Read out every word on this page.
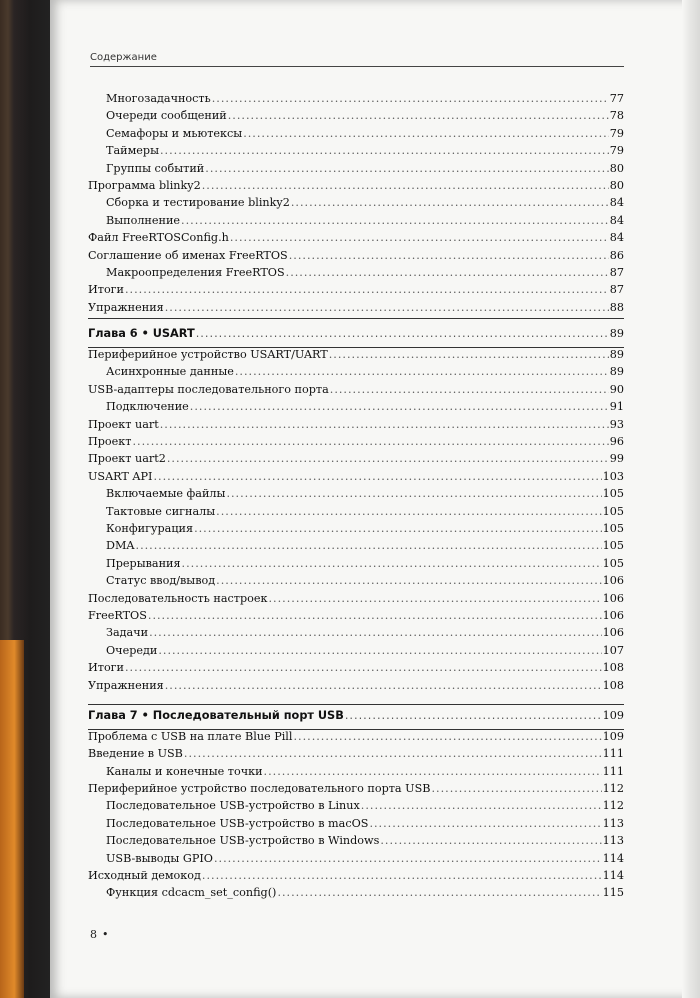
Содержание
Многозадачность .....	77
Очереди сообщений .....	78
Семафоры и мьютексы .....	79
Таймеры .....	79
Группы событий .....	80
Программа blinky2 .....	80
Сборка и тестирование blinky2 .....	84
Выполнение .....	84
Файл FreeRTOSConfig.h .....	84
Соглашение об именах FreeRTOS .....	86
Макроопределения FreeRTOS .....	87
Итоги .....	87
Упражнения .....	88
Глава 6 • USART .....	89
Периферийное устройство USART/UART .....	89
Асинхронные данные .....	89
USB-адаптеры последовательного порта .....	90
Подключение .....	91
Проект uart .....	93
Проект .....	96
Проект uart2 .....	99
USART API .....	103
Включаемые файлы .....	105
Тактовые сигналы .....	105
Конфигурация .....	105
DMA .....	105
Прерывания .....	105
Статус ввод/вывод .....	106
Последовательность настроек .....	106
FreeRTOS .....	106
Задачи .....	106
Очереди .....	107
Итоги .....	108
Упражнения .....	108
Глава 7 • Последовательный порт USB .....	109
Проблема с USB на плате Blue Pill .....	109
Введение в USB .....	111
Каналы и конечные точки .....	111
Периферийное устройство последовательного порта USB .....	112
Последовательное USB-устройство в Linux .....	112
Последовательное USB-устройство в macOS .....	113
Последовательное USB-устройство в Windows .....	113
USB-выводы GPIO .....	114
Исходный демокод .....	114
Функция cdcacm_set_config() .....	115
8 •
